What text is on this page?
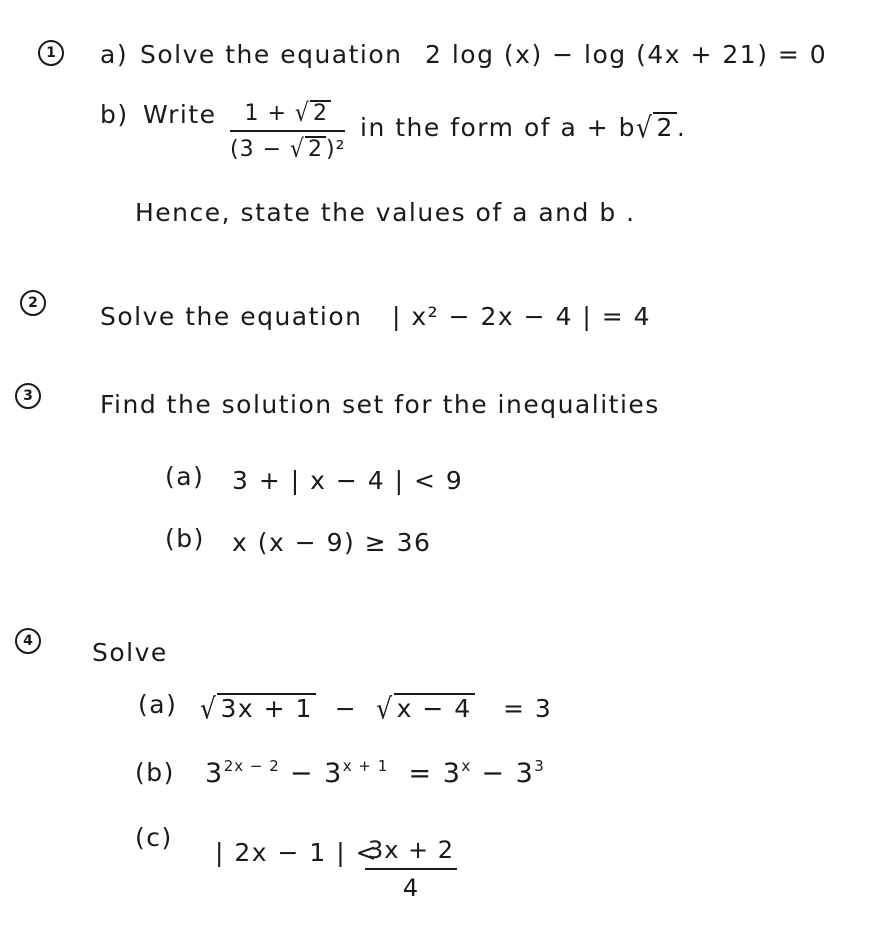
1 a) Solve the equation 2 log (x) − log (4x + 21) = 0
b) Write 1 + √ 2
(3 − √ 2 )²
in the form of a + b√ 2 .
Hence, state the values of a and b .
2 Solve the equation | x² − 2x − 4 | = 4
3	Find the solution set for the inequalities
(a) 3 + | x − 4 | < 9
(b) x (x − 9) ≥ 36
4 Solve
(a) √ 3x + 1 − √ x − 4 = 3
(b) $3^{2x - 2} - 3^{x + 1} = 3^x - 3^3$
(c)
| 2x − 1 | <
3x + 2
4
